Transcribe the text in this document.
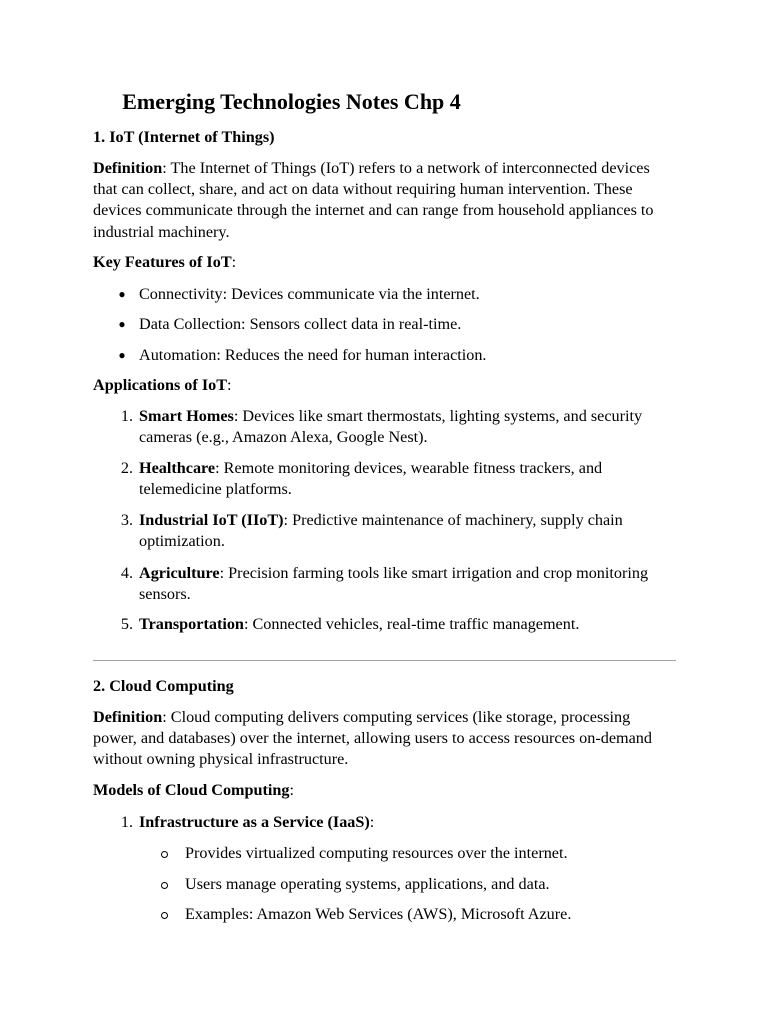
Emerging Technologies Notes Chp 4

1. IoT (Internet of Things)

Definition: The Internet of Things (IoT) refers to a network of interconnected devices that can collect, share, and act on data without requiring human intervention. These devices communicate through the internet and can range from household appliances to industrial machinery.

Key Features of IoT:

● Connectivity: Devices communicate via the internet.

● Data Collection: Sensors collect data in real-time.

● Automation: Reduces the need for human interaction.

Applications of IoT:

1. Smart Homes: Devices like smart thermostats, lighting systems, and security cameras (e.g., Amazon Alexa, Google Nest).

2. Healthcare: Remote monitoring devices, wearable fitness trackers, and telemedicine platforms.

3. Industrial IoT (IIoT): Predictive maintenance of machinery, supply chain optimization.

4. Agriculture: Precision farming tools like smart irrigation and crop monitoring sensors.

5. Transportation: Connected vehicles, real-time traffic management.

2. Cloud Computing

Definition: Cloud computing delivers computing services (like storage, processing power, and databases) over the internet, allowing users to access resources on-demand without owning physical infrastructure.

Models of Cloud Computing:

1. Infrastructure as a Service (IaaS):

Provides virtualized computing resources over the internet.

Users manage operating systems, applications, and data.

Examples: Amazon Web Services (AWS), Microsoft Azure.
